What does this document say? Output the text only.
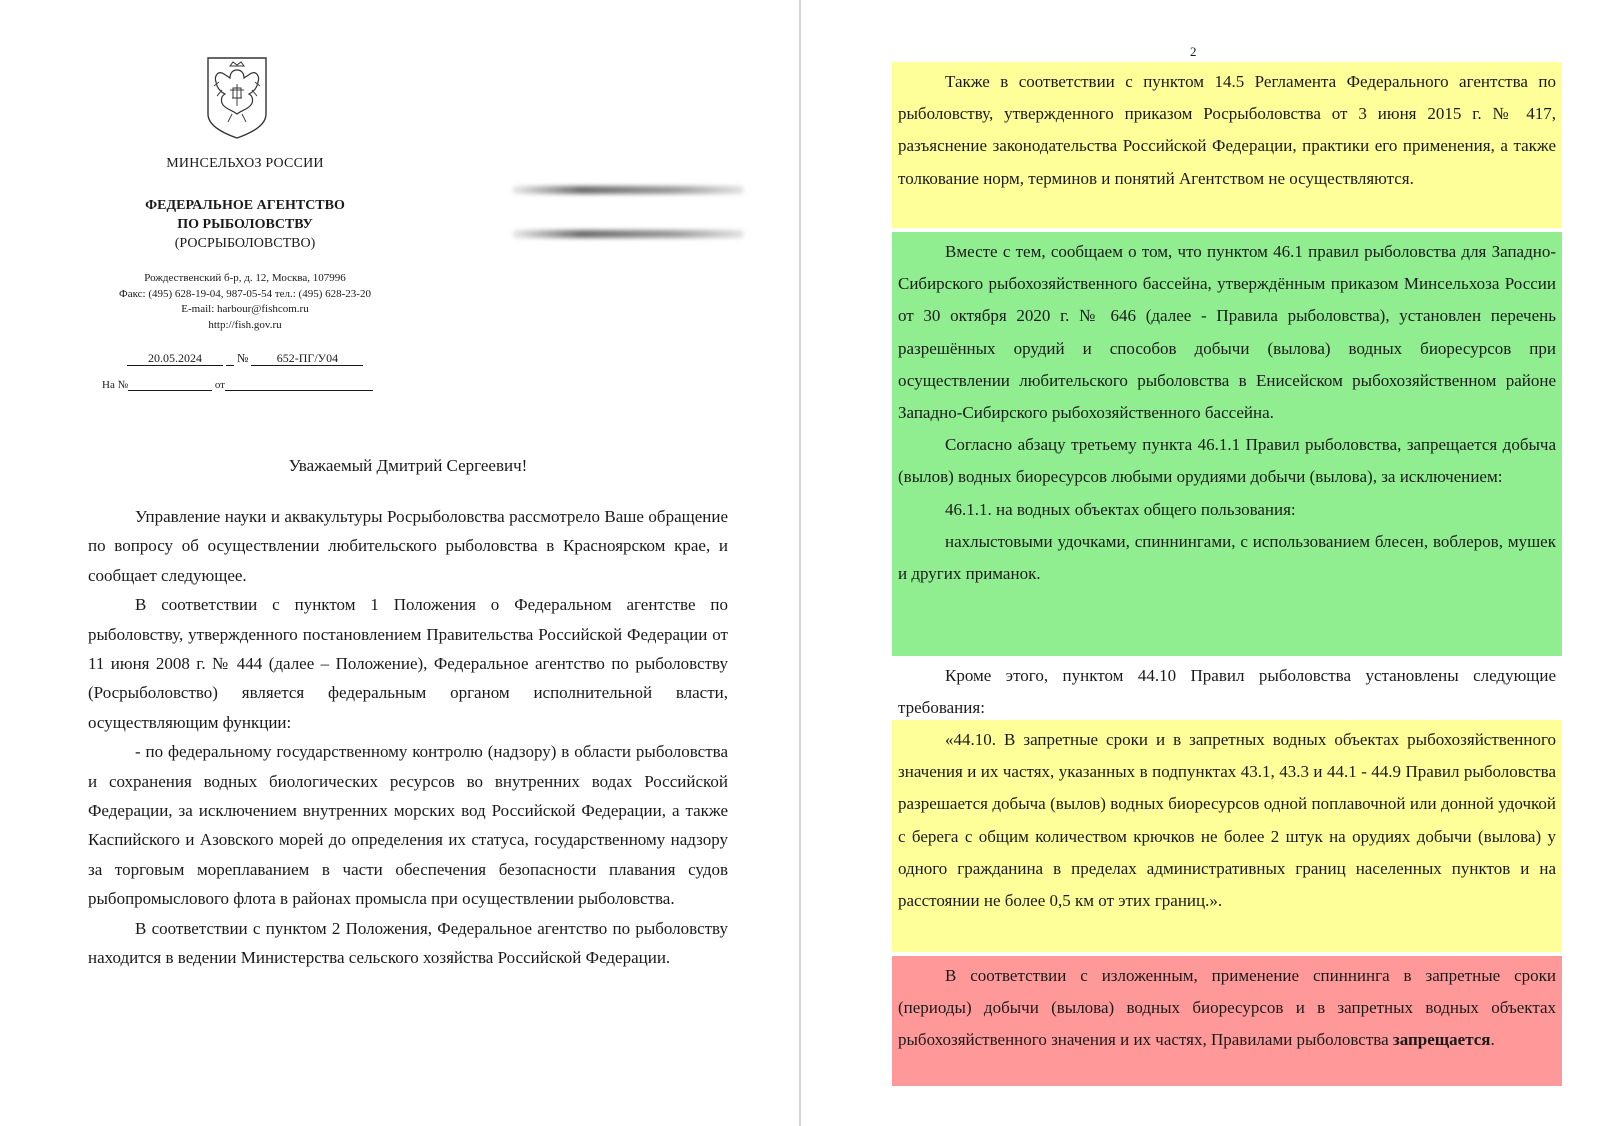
МИНСЕЛЬХОЗ РОССИИ
ФЕДЕРАЛЬНОЕ АГЕНТСТВО
ПО РЫБОЛОВСТВУ
(РОСРЫБОЛОВСТВО)
Рождественский б-р, д. 12, Москва, 107996
Факс: (495) 628-19-04, 987-05-54 тел.: (495) 628-23-20
E-mail: harbour@fishcom.ru
http://fish.gov.ru
20.05.2024	№ 652-ПГ/У04
На №	от
Уважаемый Дмитрий Сергеевич!

Управление науки и аквакультуры Росрыболовства рассмотрело Ваше обращение по вопросу об осуществлении любительского рыболовства в Красноярском крае, и сообщает следующее.

В соответствии с пунктом 1 Положения о Федеральном агентстве по рыболовству, утвержденного постановлением Правительства Российской Федерации от 11 июня 2008 г. № 444 (далее – Положение), Федеральное агентство по рыболовству (Росрыболовство) является федеральным органом исполнительной власти, осуществляющим функции:

- по федеральному государственному контролю (надзору) в области рыболовства и сохранения водных биологических ресурсов во внутренних водах Российской Федерации, за исключением внутренних морских вод Российской Федерации, а также Каспийского и Азовского морей до определения их статуса, государственному надзору за торговым мореплаванием в части обеспечения безопасности плавания судов рыбопромыслового флота в районах промысла при осуществлении рыболовства.

В соответствии с пунктом 2 Положения, Федеральное агентство по рыболовству находится в ведении Министерства сельского хозяйства Российской Федерации.

2

Также в соответствии с пунктом 14.5 Регламента Федерального агентства по рыболовству, утвержденного приказом Росрыболовства от 3 июня 2015 г. № 417, разъяснение законодательства Российской Федерации, практики его применения, а также толкование норм, терминов и понятий Агентством не осуществляются.

Вместе с тем, сообщаем о том, что пунктом 46.1 правил рыболовства для Западно-Сибирского рыбохозяйственного бассейна, утверждённым приказом Минсельхоза России от 30 октября 2020 г. № 646 (далее - Правила рыболовства), установлен перечень разрешённых орудий и способов добычи (вылова) водных биоресурсов при осуществлении любительского рыболовства в Енисейском рыбохозяйственном районе Западно-Сибирского рыбохозяйственного бассейна.

Согласно абзацу третьему пункта 46.1.1 Правил рыболовства, запрещается добыча (вылов) водных биоресурсов любыми орудиями добычи (вылова), за исключением:

46.1.1. на водных объектах общего пользования:

нахлыстовыми удочками, спиннингами, с использованием блесен, воблеров, мушек и других приманок.

Кроме этого, пунктом 44.10 Правил рыболовства установлены следующие требования:

«44.10. В запретные сроки и в запретных водных объектах рыбохозяйственного значения и их частях, указанных в подпунктах 43.1, 43.3 и 44.1 - 44.9 Правил рыболовства разрешается добыча (вылов) водных биоресурсов одной поплавочной или донной удочкой с берега с общим количеством крючков не более 2 штук на орудиях добычи (вылова) у одного гражданина в пределах административных границ населенных пунктов и на расстоянии не более 0,5 км от этих границ.».

В соответствии с изложенным, применение спиннинга в запретные сроки (периоды) добычи (вылова) водных биоресурсов и в запретных водных объектах рыбохозяйственного значения и их частях, Правилами рыболовства запрещается.
